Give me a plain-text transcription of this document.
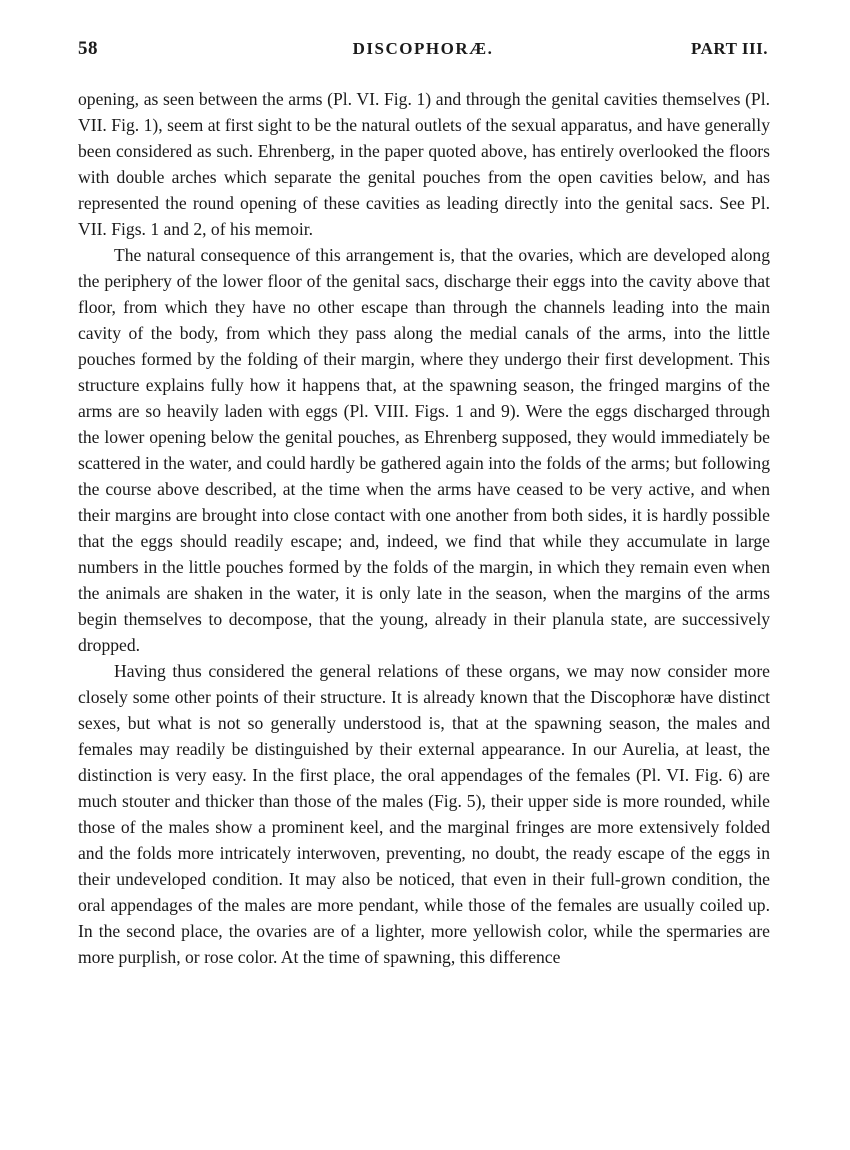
58	DISCOPHORÆ.	PART III.

opening, as seen between the arms (Pl. VI. Fig. 1) and through the genital cavities themselves (Pl. VII. Fig. 1), seem at first sight to be the natural outlets of the sexual apparatus, and have generally been considered as such. Ehrenberg, in the paper quoted above, has entirely overlooked the floors with double arches which separate the genital pouches from the open cavities below, and has represented the round opening of these cavities as leading directly into the genital sacs. See Pl. VII. Figs. 1 and 2, of his memoir.

The natural consequence of this arrangement is, that the ovaries, which are developed along the periphery of the lower floor of the genital sacs, discharge their eggs into the cavity above that floor, from which they have no other escape than through the channels leading into the main cavity of the body, from which they pass along the medial canals of the arms, into the little pouches formed by the folding of their margin, where they undergo their first development. This structure explains fully how it happens that, at the spawning season, the fringed margins of the arms are so heavily laden with eggs (Pl. VIII. Figs. 1 and 9). Were the eggs discharged through the lower opening below the genital pouches, as Ehrenberg supposed, they would immediately be scattered in the water, and could hardly be gathered again into the folds of the arms; but following the course above described, at the time when the arms have ceased to be very active, and when their margins are brought into close contact with one another from both sides, it is hardly possible that the eggs should readily escape; and, indeed, we find that while they accumulate in large numbers in the little pouches formed by the folds of the margin, in which they remain even when the animals are shaken in the water, it is only late in the season, when the margins of the arms begin themselves to decompose, that the young, already in their planula state, are successively dropped.

Having thus considered the general relations of these organs, we may now consider more closely some other points of their structure. It is already known that the Discophoræ have distinct sexes, but what is not so generally understood is, that at the spawning season, the males and females may readily be distinguished by their external appearance. In our Aurelia, at least, the distinction is very easy. In the first place, the oral appendages of the females (Pl. VI. Fig. 6) are much stouter and thicker than those of the males (Fig. 5), their upper side is more rounded, while those of the males show a prominent keel, and the marginal fringes are more extensively folded and the folds more intricately interwoven, preventing, no doubt, the ready escape of the eggs in their undeveloped condition. It may also be noticed, that even in their full-grown condition, the oral appendages of the males are more pendant, while those of the females are usually coiled up. In the second place, the ovaries are of a lighter, more yellowish color, while the spermaries are more purplish, or rose color. At the time of spawning, this difference
